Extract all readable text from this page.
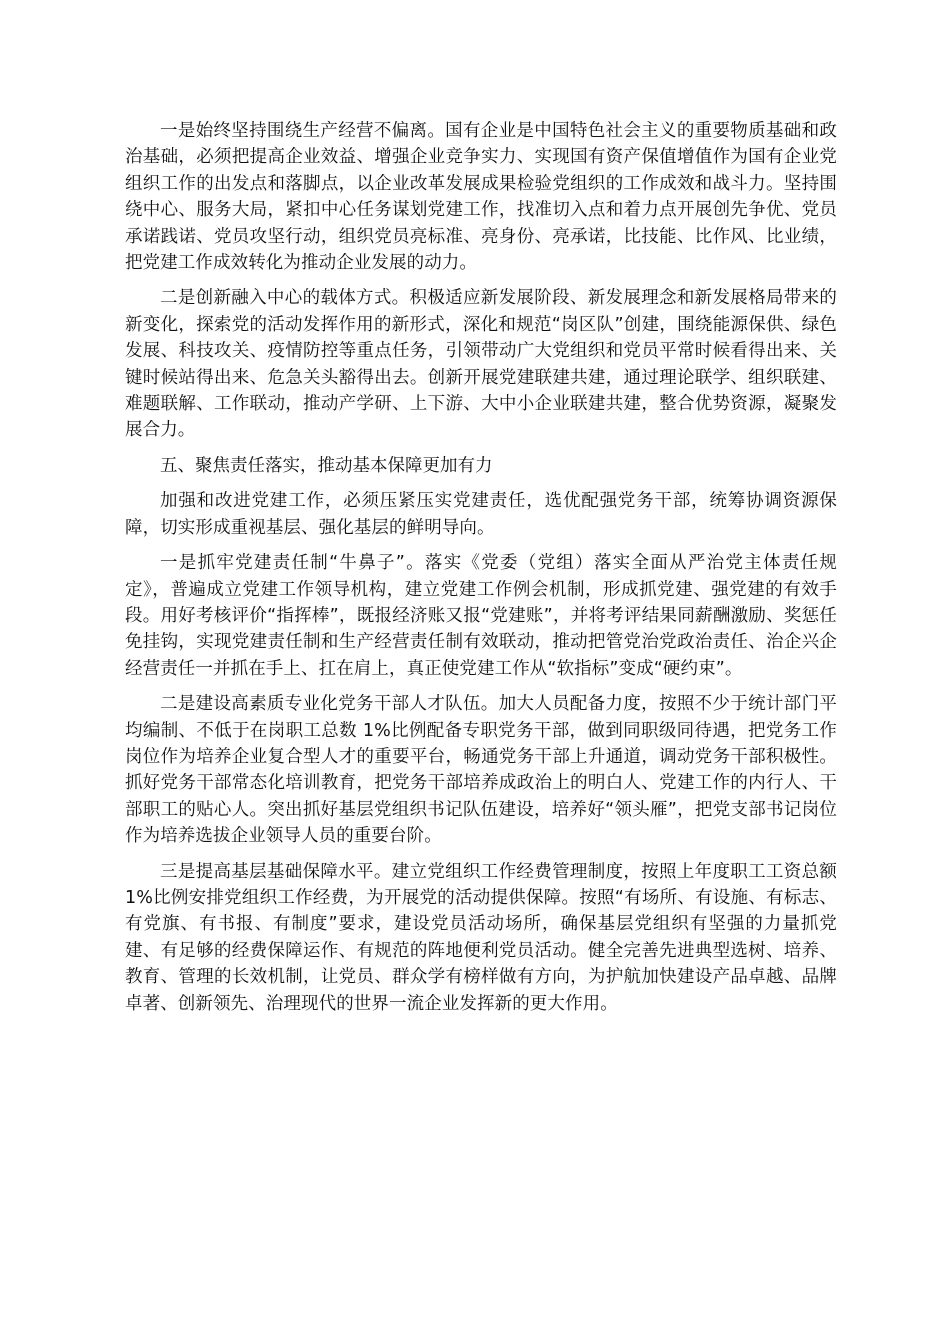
一是始终坚持围绕生产经营不偏离。国有企业是中国特色社会主义的重要物质基础和政治基础，必须把提高企业效益、增强企业竞争实力、实现国有资产保值增值作为国有企业党组织工作的出发点和落脚点，以企业改革发展成果检验党组织的工作成效和战斗力。坚持围绕中心、服务大局，紧扣中心任务谋划党建工作，找准切入点和着力点开展创先争优、党员承诺践诺、党员攻坚行动，组织党员亮标准、亮身份、亮承诺，比技能、比作风、比业绩，把党建工作成效转化为推动企业发展的动力。

二是创新融入中心的载体方式。积极适应新发展阶段、新发展理念和新发展格局带来的新变化，探索党的活动发挥作用的新形式，深化和规范“岗区队”创建，围绕能源保供、绿色发展、科技攻关、疫情防控等重点任务，引领带动广大党组织和党员平常时候看得出来、关键时候站得出来、危急关头豁得出去。创新开展党建联建共建，通过理论联学、组织联建、难题联解、工作联动，推动产学研、上下游、大中小企业联建共建，整合优势资源，凝聚发展合力。

五、聚焦责任落实，推动基本保障更加有力

加强和改进党建工作，必须压紧压实党建责任，选优配强党务干部，统筹协调资源保障，切实形成重视基层、强化基层的鲜明导向。

一是抓牢党建责任制“牛鼻子”。落实《党委（党组）落实全面从严治党主体责任规定》，普遍成立党建工作领导机构，建立党建工作例会机制，形成抓党建、强党建的有效手段。用好考核评价“指挥棒”，既报经济账又报“党建账”，并将考评结果同薪酬激励、奖惩任免挂钩，实现党建责任制和生产经营责任制有效联动，推动把管党治党政治责任、治企兴企经营责任一并抓在手上、扛在肩上，真正使党建工作从“软指标”变成“硬约束”。

二是建设高素质专业化党务干部人才队伍。加大人员配备力度，按照不少于统计部门平均编制、不低于在岗职工总数 1%比例配备专职党务干部，做到同职级同待遇，把党务工作岗位作为培养企业复合型人才的重要平台，畅通党务干部上升通道，调动党务干部积极性。抓好党务干部常态化培训教育，把党务干部培养成政治上的明白人、党建工作的内行人、干部职工的贴心人。突出抓好基层党组织书记队伍建设，培养好“领头雁”，把党支部书记岗位作为培养选拔企业领导人员的重要台阶。

三是提高基层基础保障水平。建立党组织工作经费管理制度，按照上年度职工工资总额 1%比例安排党组织工作经费，为开展党的活动提供保障。按照“有场所、有设施、有标志、有党旗、有书报、有制度”要求，建设党员活动场所，确保基层党组织有坚强的力量抓党建、有足够的经费保障运作、有规范的阵地便利党员活动。健全完善先进典型选树、培养、教育、管理的长效机制，让党员、群众学有榜样做有方向，为护航加快建设产品卓越、品牌卓著、创新领先、治理现代的世界一流企业发挥新的更大作用。
